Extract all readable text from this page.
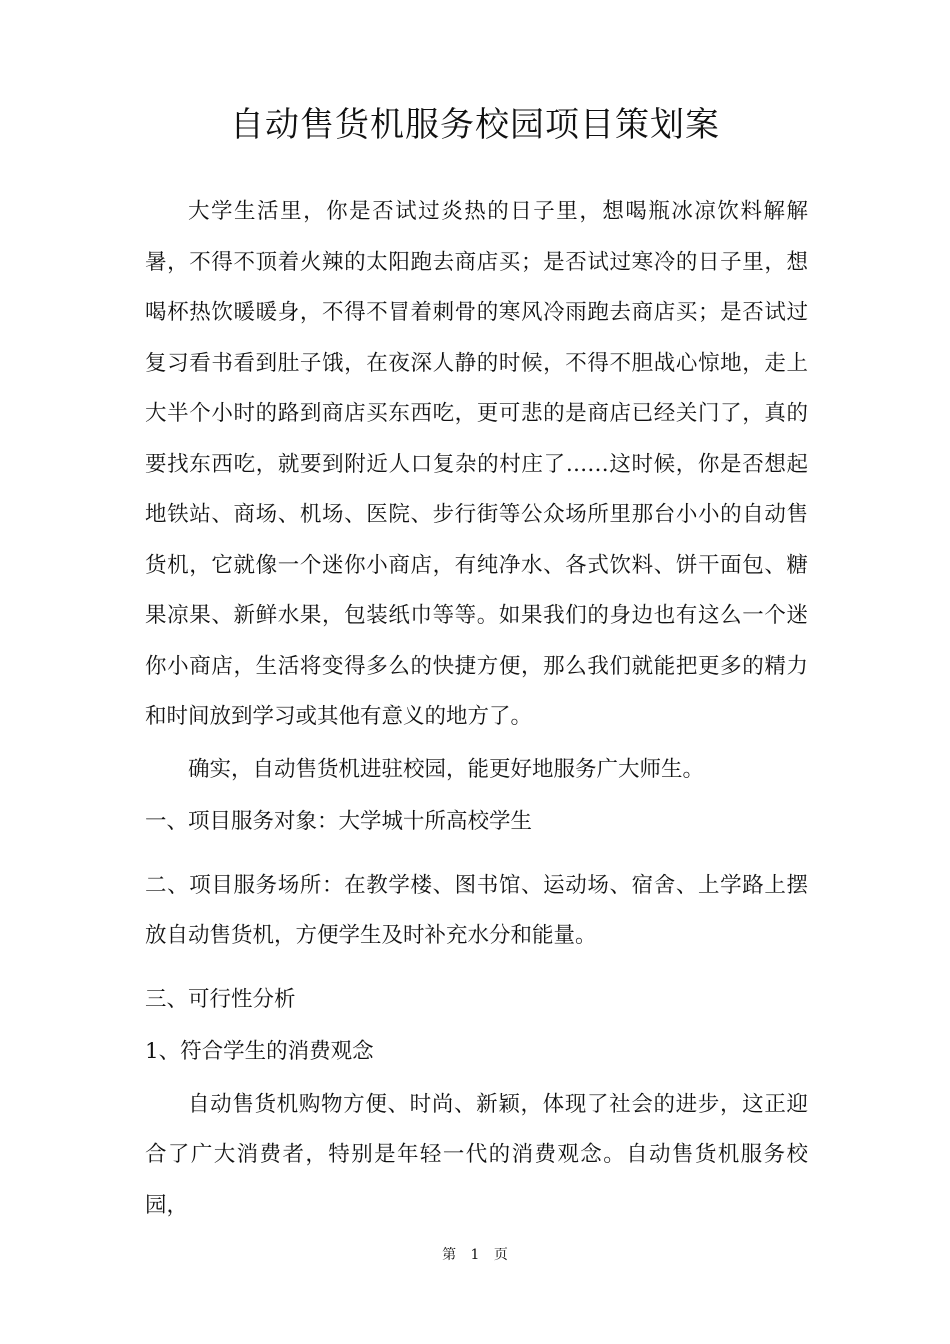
自动售货机服务校园项目策划案

大学生活里，你是否试过炎热的日子里，想喝瓶冰凉饮料解解暑，不得不顶着火辣的太阳跑去商店买；是否试过寒冷的日子里，想喝杯热饮暖暖身，不得不冒着刺骨的寒风冷雨跑去商店买；是否试过复习看书看到肚子饿，在夜深人静的时候，不得不胆战心惊地，走上大半个小时的路到商店买东西吃，更可悲的是商店已经关门了，真的要找东西吃，就要到附近人口复杂的村庄了……这时候，你是否想起地铁站、商场、机场、医院、步行街等公众场所里那台小小的自动售货机，它就像一个迷你小商店，有纯净水、各式饮料、饼干面包、糖果凉果、新鲜水果，包装纸巾等等。如果我们的身边也有这么一个迷你小商店，生活将变得多么的快捷方便，那么我们就能把更多的精力和时间放到学习或其他有意义的地方了。

确实，自动售货机进驻校园，能更好地服务广大师生。

一、项目服务对象：大学城十所高校学生

二、项目服务场所：在教学楼、图书馆、运动场、宿舍、上学路上摆放自动售货机，方便学生及时补充水分和能量。

三、可行性分析

1、符合学生的消费观念

自动售货机购物方便、时尚、新颖，体现了社会的进步，这正迎合了广大消费者，特别是年轻一代的消费观念。自动售货机服务校园，

第 1 页
